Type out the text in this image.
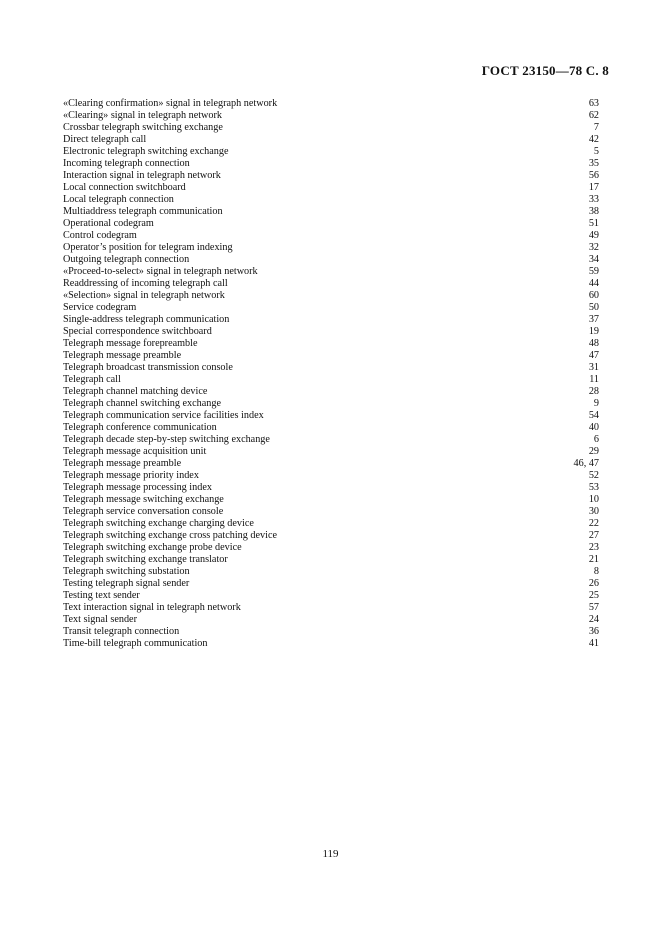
ГОСТ 23150—78 С. 8
«Clearing confirmation» signal in telegraph network	63
«Clearing» signal in telegraph network	62
Crossbar telegraph switching exchange	7
Direct telegraph call	42
Electronic telegraph switching exchange	5
Incoming telegraph connection	35
Interaction signal in telegraph network	56
Local connection switchboard	17
Local telegraph connection	33
Multiaddress telegraph communication	38
Operational codegram	51
Control codegram	49
Operator’s position for telegram indexing	32
Outgoing telegraph connection	34
«Proceed-to-select» signal in telegraph network	59
Readdressing of incoming telegraph call	44
«Selection» signal in telegraph network	60
Service codegram	50
Single-address telegraph communication	37
Special correspondence switchboard	19
Telegraph message forepreamble	48
Telegraph message preamble	47
Telegraph broadcast transmission console	31
Telegraph call	11
Telegraph channel matching device	28
Telegraph channel switching exchange	9
Telegraph communication service facilities index	54
Telegraph conference communication	40
Telegraph decade step-by-step switching exchange	6
Telegraph message acquisition unit	29
Telegraph message preamble	46, 47
Telegraph message priority index	52
Telegraph message processing index	53
Telegraph message switching exchange	10
Telegraph service conversation console	30
Telegraph switching exchange charging device	22
Telegraph switching exchange cross patching device	27
Telegraph switching exchange probe device	23
Telegraph switching exchange translator	21
Telegraph switching substation	8
Testing telegraph signal sender	26
Testing text sender	25
Text interaction signal in telegraph network	57
Text signal sender	24
Transit telegraph connection	36
Time-bill telegraph communication	41
119
